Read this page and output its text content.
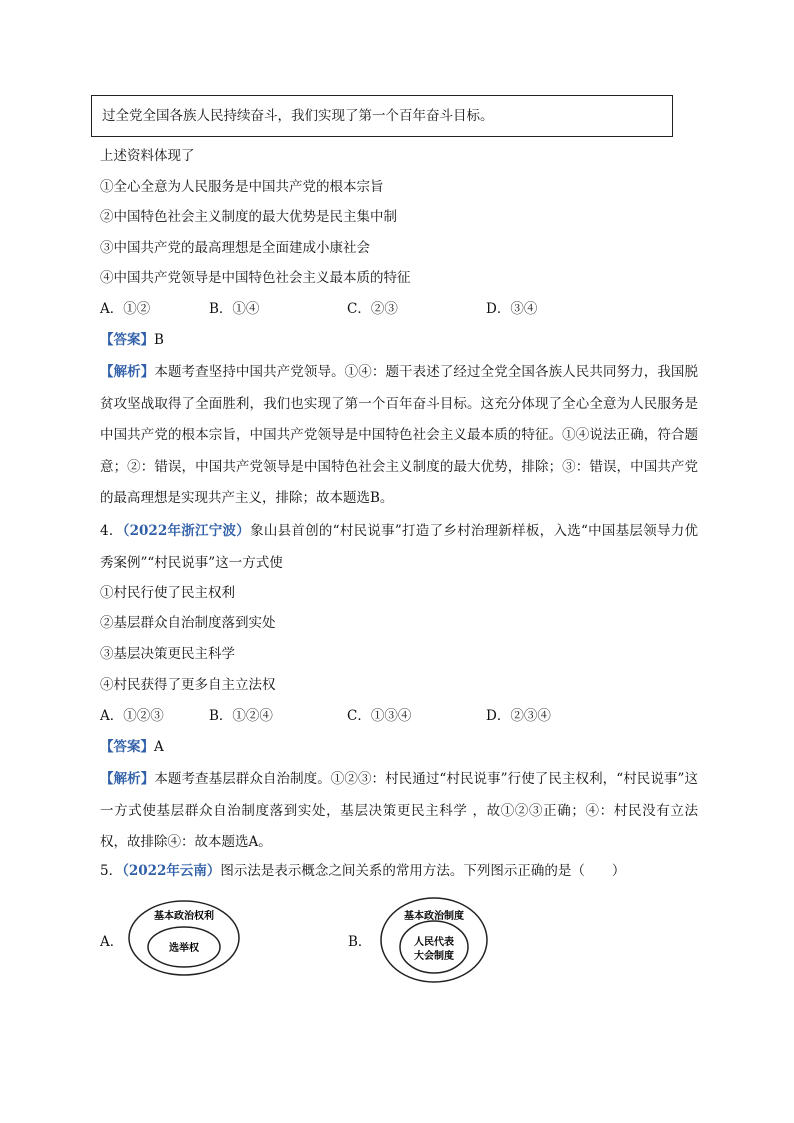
过全党全国各族人民持续奋斗，我们实现了第一个百年奋斗目标。
上述资料体现了
①全心全意为人民服务是中国共产党的根本宗旨
②中国特色社会主义制度的最大优势是民主集中制
③中国共产党的最高理想是全面建成小康社会
④中国共产党领导是中国特色社会主义最本质的特征
A．①②	B．①④	C．②③	D．③④
【答案】B
【解析】本题考查坚持中国共产党领导。①④：题干表述了经过全党全国各族人民共同努力，我国脱贫攻坚战取得了全面胜利，我们也实现了第一个百年奋斗目标。这充分体现了全心全意为人民服务是中国共产党的根本宗旨，中国共产党领导是中国特色社会主义最本质的特征。①④说法正确，符合题意；②：错误，中国共产党领导是中国特色社会主义制度的最大优势，排除；③：错误，中国共产党的最高理想是实现共产主义，排除；故本题选B。
4．（2022年浙江宁波）象山县首创的“村民说事”打造了乡村治理新样板，入选“中国基层领导力优秀案例”“村民说事”这一方式使
①村民行使了民主权利
②基层群众自治制度落到实处
③基层决策更民主科学
④村民获得了更多自主立法权
A．①②③	B．①②④	C．①③④	D．②③④
【答案】A
【解析】本题考查基层群众自治制度。①②③：村民通过“村民说事”行使了民主权利，“村民说事”这一方式使基层群众自治制度落到实处，基层决策更民主科学 ，故①②③正确；④：村民没有立法权，故排除④：故本题选A。
5．（2022年云南）图示法是表示概念之间关系的常用方法。下列图示正确的是（　　）
A．
基本政治权利
选举权	B．
基本政治制度
人民代表
大会制度
